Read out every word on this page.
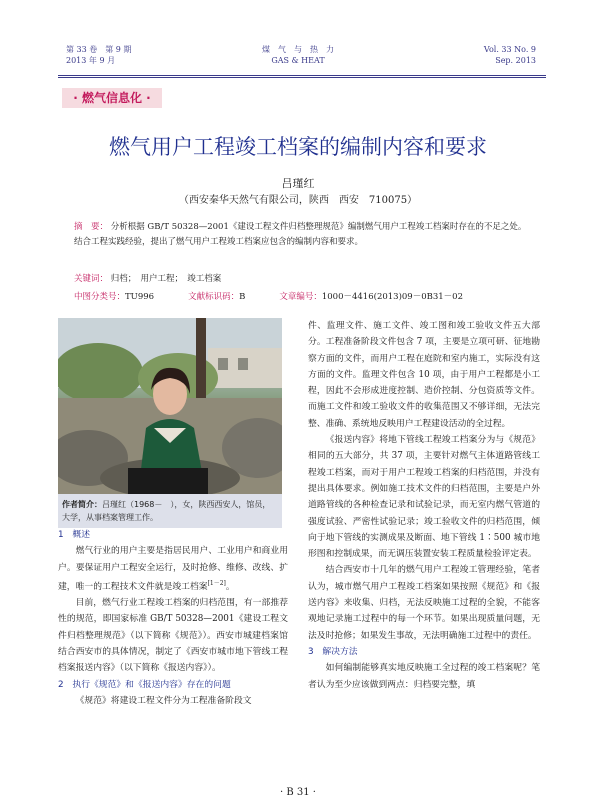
第 33 卷　第 9 期
2013 年 9 月
煤　气　与　热　力
GAS & HEAT
Vol. 33 No. 9
Sep. 2013
· 燃气信息化 ·
燃气用户工程竣工档案的编制内容和要求
吕瑾红
（西安秦华天然气有限公司，陕西　西安　710075）
摘　要： 分析根据 GB/T 50328—2001《建设工程文件归档整理规范》编制燃气用户工程竣工档案时存在的不足之处。结合工程实践经验，提出了燃气用户工程竣工档案应包含的编制内容和要求。
关键词： 归档；　用户工程；　竣工档案
中图分类号：TU996	文献标识码：B	文章编号：1000－4416(2013)09－0B31－02
作者简介：吕瑾红（1968－　），女，陕西西安人，馆员，大学，从事档案管理工作。

1　概述

燃气行业的用户主要是指居民用户、工业用户和商业用户。要保证用户工程安全运行，及时抢修、维修、改线、扩建，唯一的工程技术文件就是竣工档案[1－2]。

目前，燃气行业工程竣工档案的归档范围，有一部推荐性的规范，即国家标准 GB/T 50328—2001《建设工程文件归档整理规范》（以下简称《规范》）。西安市城建档案馆结合西安市的具体情况，制定了《西安市城市地下管线工程档案报送内容》（以下简称《报送内容》）。

2　执行《规范》和《报送内容》存在的问题

《规范》将建设工程文件分为工程准备阶段文

件、监理文件、施工文件、竣工图和竣工验收文件五大部分。工程准备阶段文件包含 7 项，主要是立项可研、征地勘察方面的文件，而用户工程在庭院和室内施工，实际没有这方面的文件。监理文件包含 10 项，由于用户工程都是小工程，因此不会形成进度控制、造价控制、分包资质等文件。而施工文件和竣工验收文件的收集范围又不够详细，无法完整、准确、系统地反映用户工程建设活动的全过程。

《报送内容》将地下管线工程竣工档案分为与《规范》相同的五大部分，共 37 项，主要针对燃气主体道路管线工程竣工档案，而对于用户工程竣工档案的归档范围，并没有提出具体要求。例如施工技术文件的归档范围，主要是户外道路管线的各种检查记录和试验记录，而无室内燃气管道的强度试验、严密性试验记录；竣工验收文件的归档范围，倾向于地下管线的实测成果及断面、地下管线 1∶500 城市地形图和控制成果，而无调压装置安装工程质量检验评定表。

结合西安市十几年的燃气用户工程竣工管理经验，笔者认为，城市燃气用户工程竣工档案如果按照《规范》和《报送内容》来收集、归档，无法反映施工过程的全貌，不能客观地记录施工过程中的每一个环节。如果出现质量问题，无法及时抢修；如果发生事故，无法明确施工过程中的责任。

3　解决方法

如何编制能够真实地反映施工全过程的竣工档案呢？笔者认为至少应该做到两点：归档要完整，填

· B 31 ·
